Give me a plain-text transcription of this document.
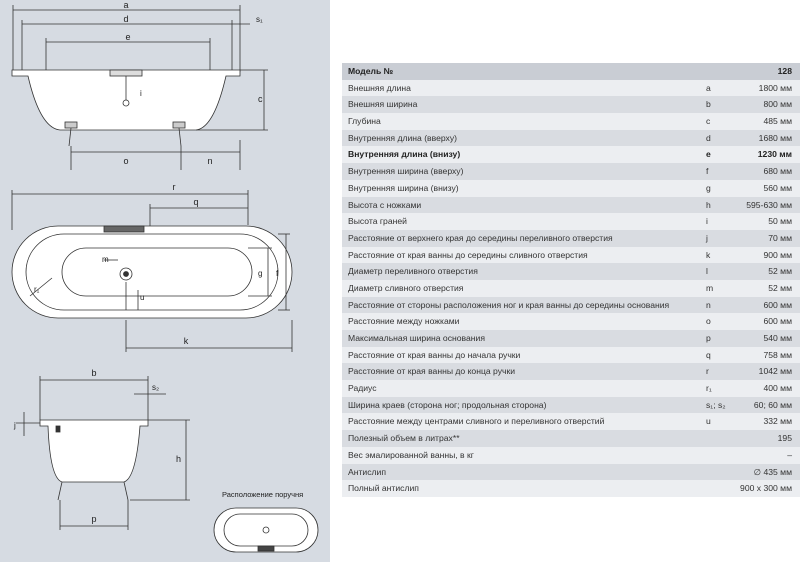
a
d	s₁
e
i
c
o	n
r
q
m
u
g f
r₁
k
b
s₂
j
h
p
Расположение поручня
Модель №	128
Внешняя длина	a	1800 мм
Внешняя ширина	b	800 мм
Глубина	c	485 мм
Внутренняя длина (вверху)	d	1680 мм
Внутренняя длина (внизу)	e	1230 мм
Внутренняя ширина (вверху)	f	680 мм
Внутренняя ширина (внизу)	g	560 мм
Высота с ножками	h	595-630 мм
Высота граней	i	50 мм
Расстояние от верхнего края до середины переливного отверстия	j	70 мм
Расстояние от края ванны до середины сливного отверстия	k	900 мм
Диаметр переливного отверстия	l	52 мм
Диаметр сливного отверстия	m	52 мм
Расстояние от стороны расположения ног и края ванны до середины основания	n	600 мм
Расстояние между ножками	o	600 мм
Максимальная ширина основания	p	540 мм
Расстояние от края ванны до начала ручки	q	758 мм
Расстояние от края ванны до конца ручки	r	1042 мм
Радиус	r₁	400 мм
Ширина краев (сторона ног; продольная сторона)	s₁; s₂	60; 60 мм
Расстояние между центрами сливного и переливного отверстий	u	332 мм
Полезный объем в литрах**	195
Вес эмалированной ванны, в кг	–
Антислип	∅ 435 мм
Полный антислип	900 x 300 мм
